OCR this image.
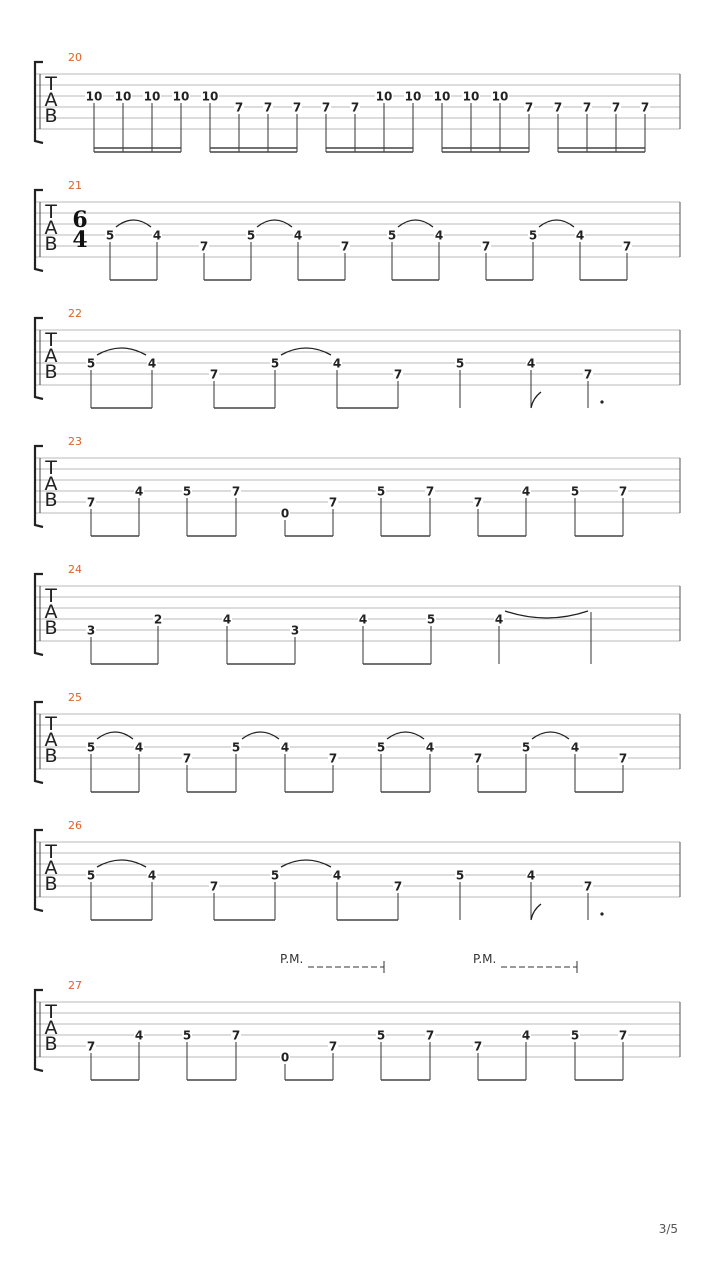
T
A
B
20
10 10 10 10 10
7 7 7 7 7
10 10 10 10 10
7 7 7 7 7
T
A
B
21
6
4 5	4
7
5	4
7
5	4
7
5	4
7
T
A
B
22
5	4
7
5	4
7
5	4
7
T
A
B
23
7
4	5	7
0
7
5	7
7
4	5	7
T
A
B
24
3
2	4
3
4	5	4
T
A
B
25
5	4
7
5	4
7
5	4
7
5	4
7
T
A
B
26
5	4
7
5	4
7
5	4
7
T
A
B
27
7
4	5	7
0
7
5	7
7
4	5	7
P.M.	P.M.
3/5
